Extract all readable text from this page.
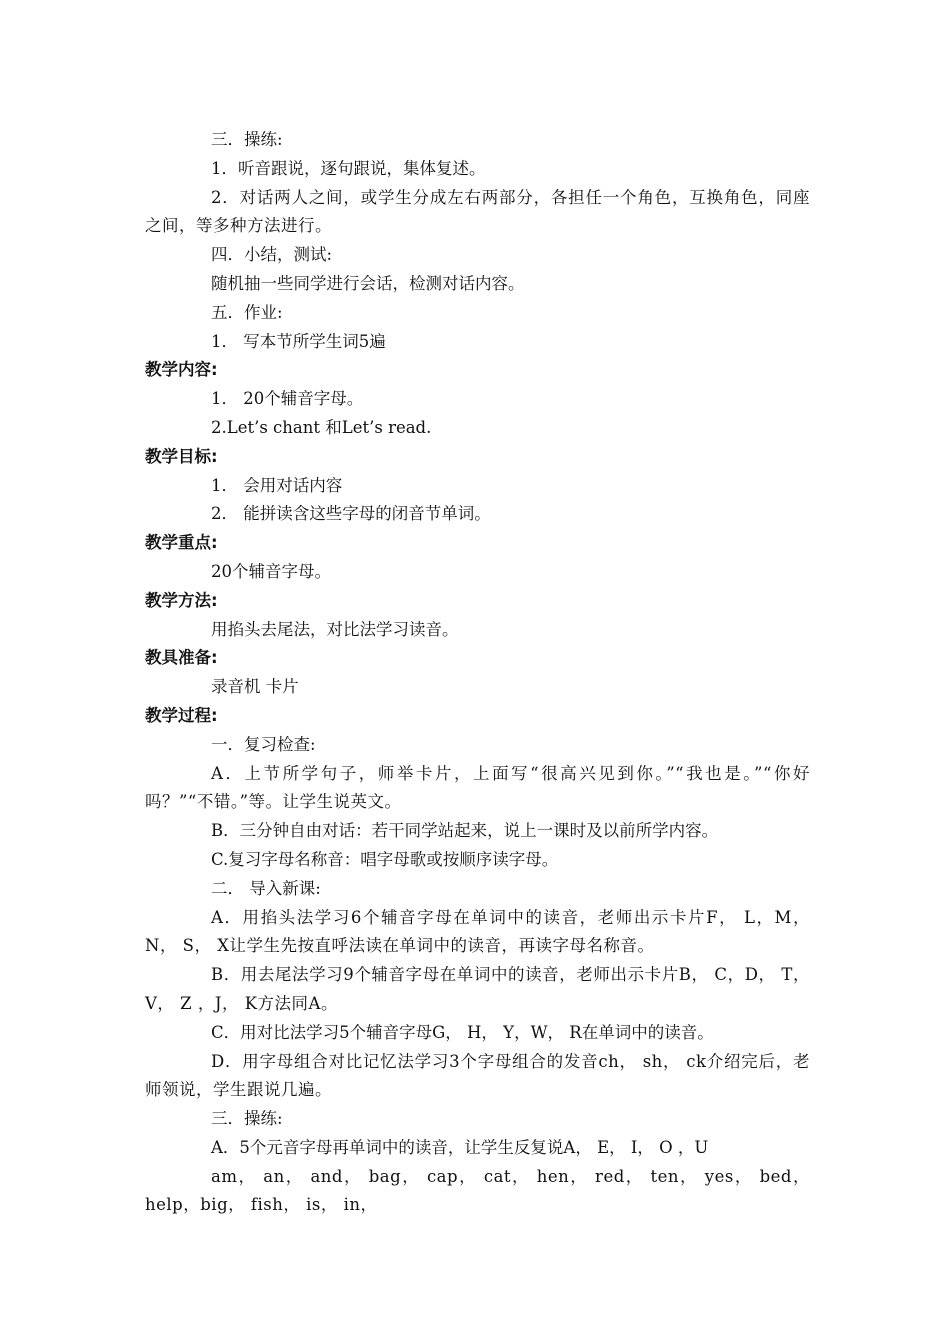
三．操练:
1．听音跟说，逐句跟说，集体复述。
2．对话两人之间，或学生分成左右两部分，各担任一个角色，互换角色，同座之间，等多种方法进行。
四．小结，测试:
随机抽一些同学进行会话，检测对话内容。
五．作业:
1． 写本节所学生词5遍
教学内容:
1． 20个辅音字母。
2.Let’s chant 和Let’s read.
教学目标:
1． 会用对话内容
2． 能拼读含这些字母的闭音节单词。
教学重点:
20个辅音字母。
教学方法:
用掐头去尾法，对比法学习读音。
教具准备:
录音机 卡片
教学过程:
一．复习检查:
A．上节所学句子，师举卡片，上面写“很高兴见到你。”“我也是。”“你好吗？”“不错。”等。让学生说英文。
B．三分钟自由对话：若干同学站起来，说上一课时及以前所学内容。
C.复习字母名称音：唱字母歌或按顺序读字母。
二． 导入新课:
A．用掐头法学习6个辅音字母在单词中的读音，老师出示卡片F， L，M， N， S， X让学生先按直呼法读在单词中的读音，再读字母名称音。
B．用去尾法学习9个辅音字母在单词中的读音，老师出示卡片B， C，D， T， V， Z ，J， K方法同A。
C．用对比法学习5个辅音字母G， H， Y，W， R在单词中的读音。
D．用字母组合对比记忆法学习3个字母组合的发音ch， sh， ck介绍完后，老师领说，学生跟说几遍。
三．操练:
A．5个元音字母再单词中的读音，让学生反复说A， E， I， O ，U
am， an， and， bag， cap， cat， hen， red， ten， yes， bed， help，big， fish， is， in，
